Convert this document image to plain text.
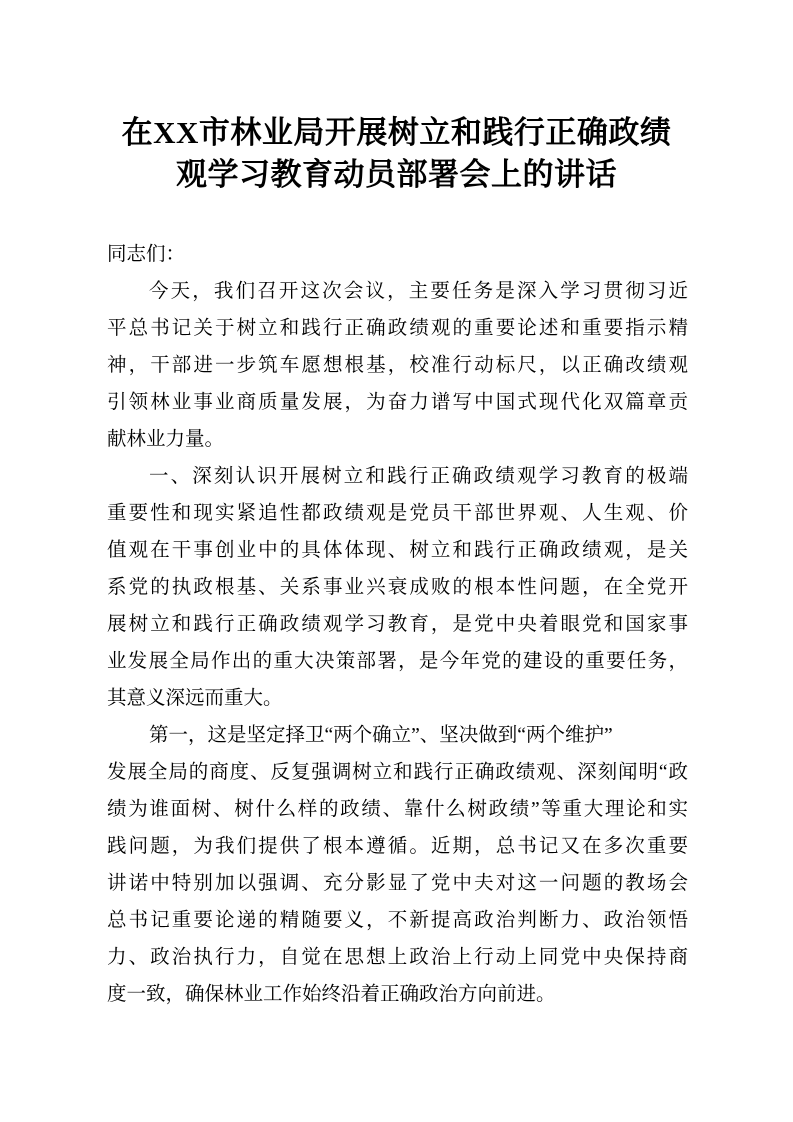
在XX市林业局开展树立和践行正确政绩
观学习教育动员部署会上的讲话
同志们：
今天，我们召开这次会议，主要任务是深入学习贯彻习近
平总书记关于树立和践行正确政绩观的重要论述和重要指示精
神，干部进一步筑车愿想根基，校准行动标尺，以正确改绩观
引领林业事业商质量发展，为奋力谱写中国式现代化双篇章贡
献林业力量。
一、深刻认识开展树立和践行正确政绩观学习教育的极端
重要性和现实紧追性都政绩观是党员干部世界观、人生观、价
值观在干事创业中的具体体现、树立和践行正确政绩观，是关
系党的执政根基、关系事业兴衰成败的根本性问题，在全党开
展树立和践行正确政绩观学习教育，是党中央着眼党和国家事
业发展全局作出的重大决策部署，是今年党的建设的重要任务，
其意义深远而重大。
第一，这是坚定择卫“两个确立”、坚决做到“两个维护”
发展全局的商度、反复强调树立和践行正确政绩观、深刻闻明“政
绩为谁面树、树什么样的政绩、靠什么树政绩”等重大理论和实
践问题，为我们提供了根本遵循。近期，总书记又在多次重要
讲诺中特别加以强调、充分影显了党中夫对这一问题的教场会
总书记重要论递的精随要义，不新提高政治判断力、政治领悟
力、政治执行力，自觉在思想上政治上行动上同党中央保持商
度一致，确保林业工作始终沿着正确政治方向前进。
